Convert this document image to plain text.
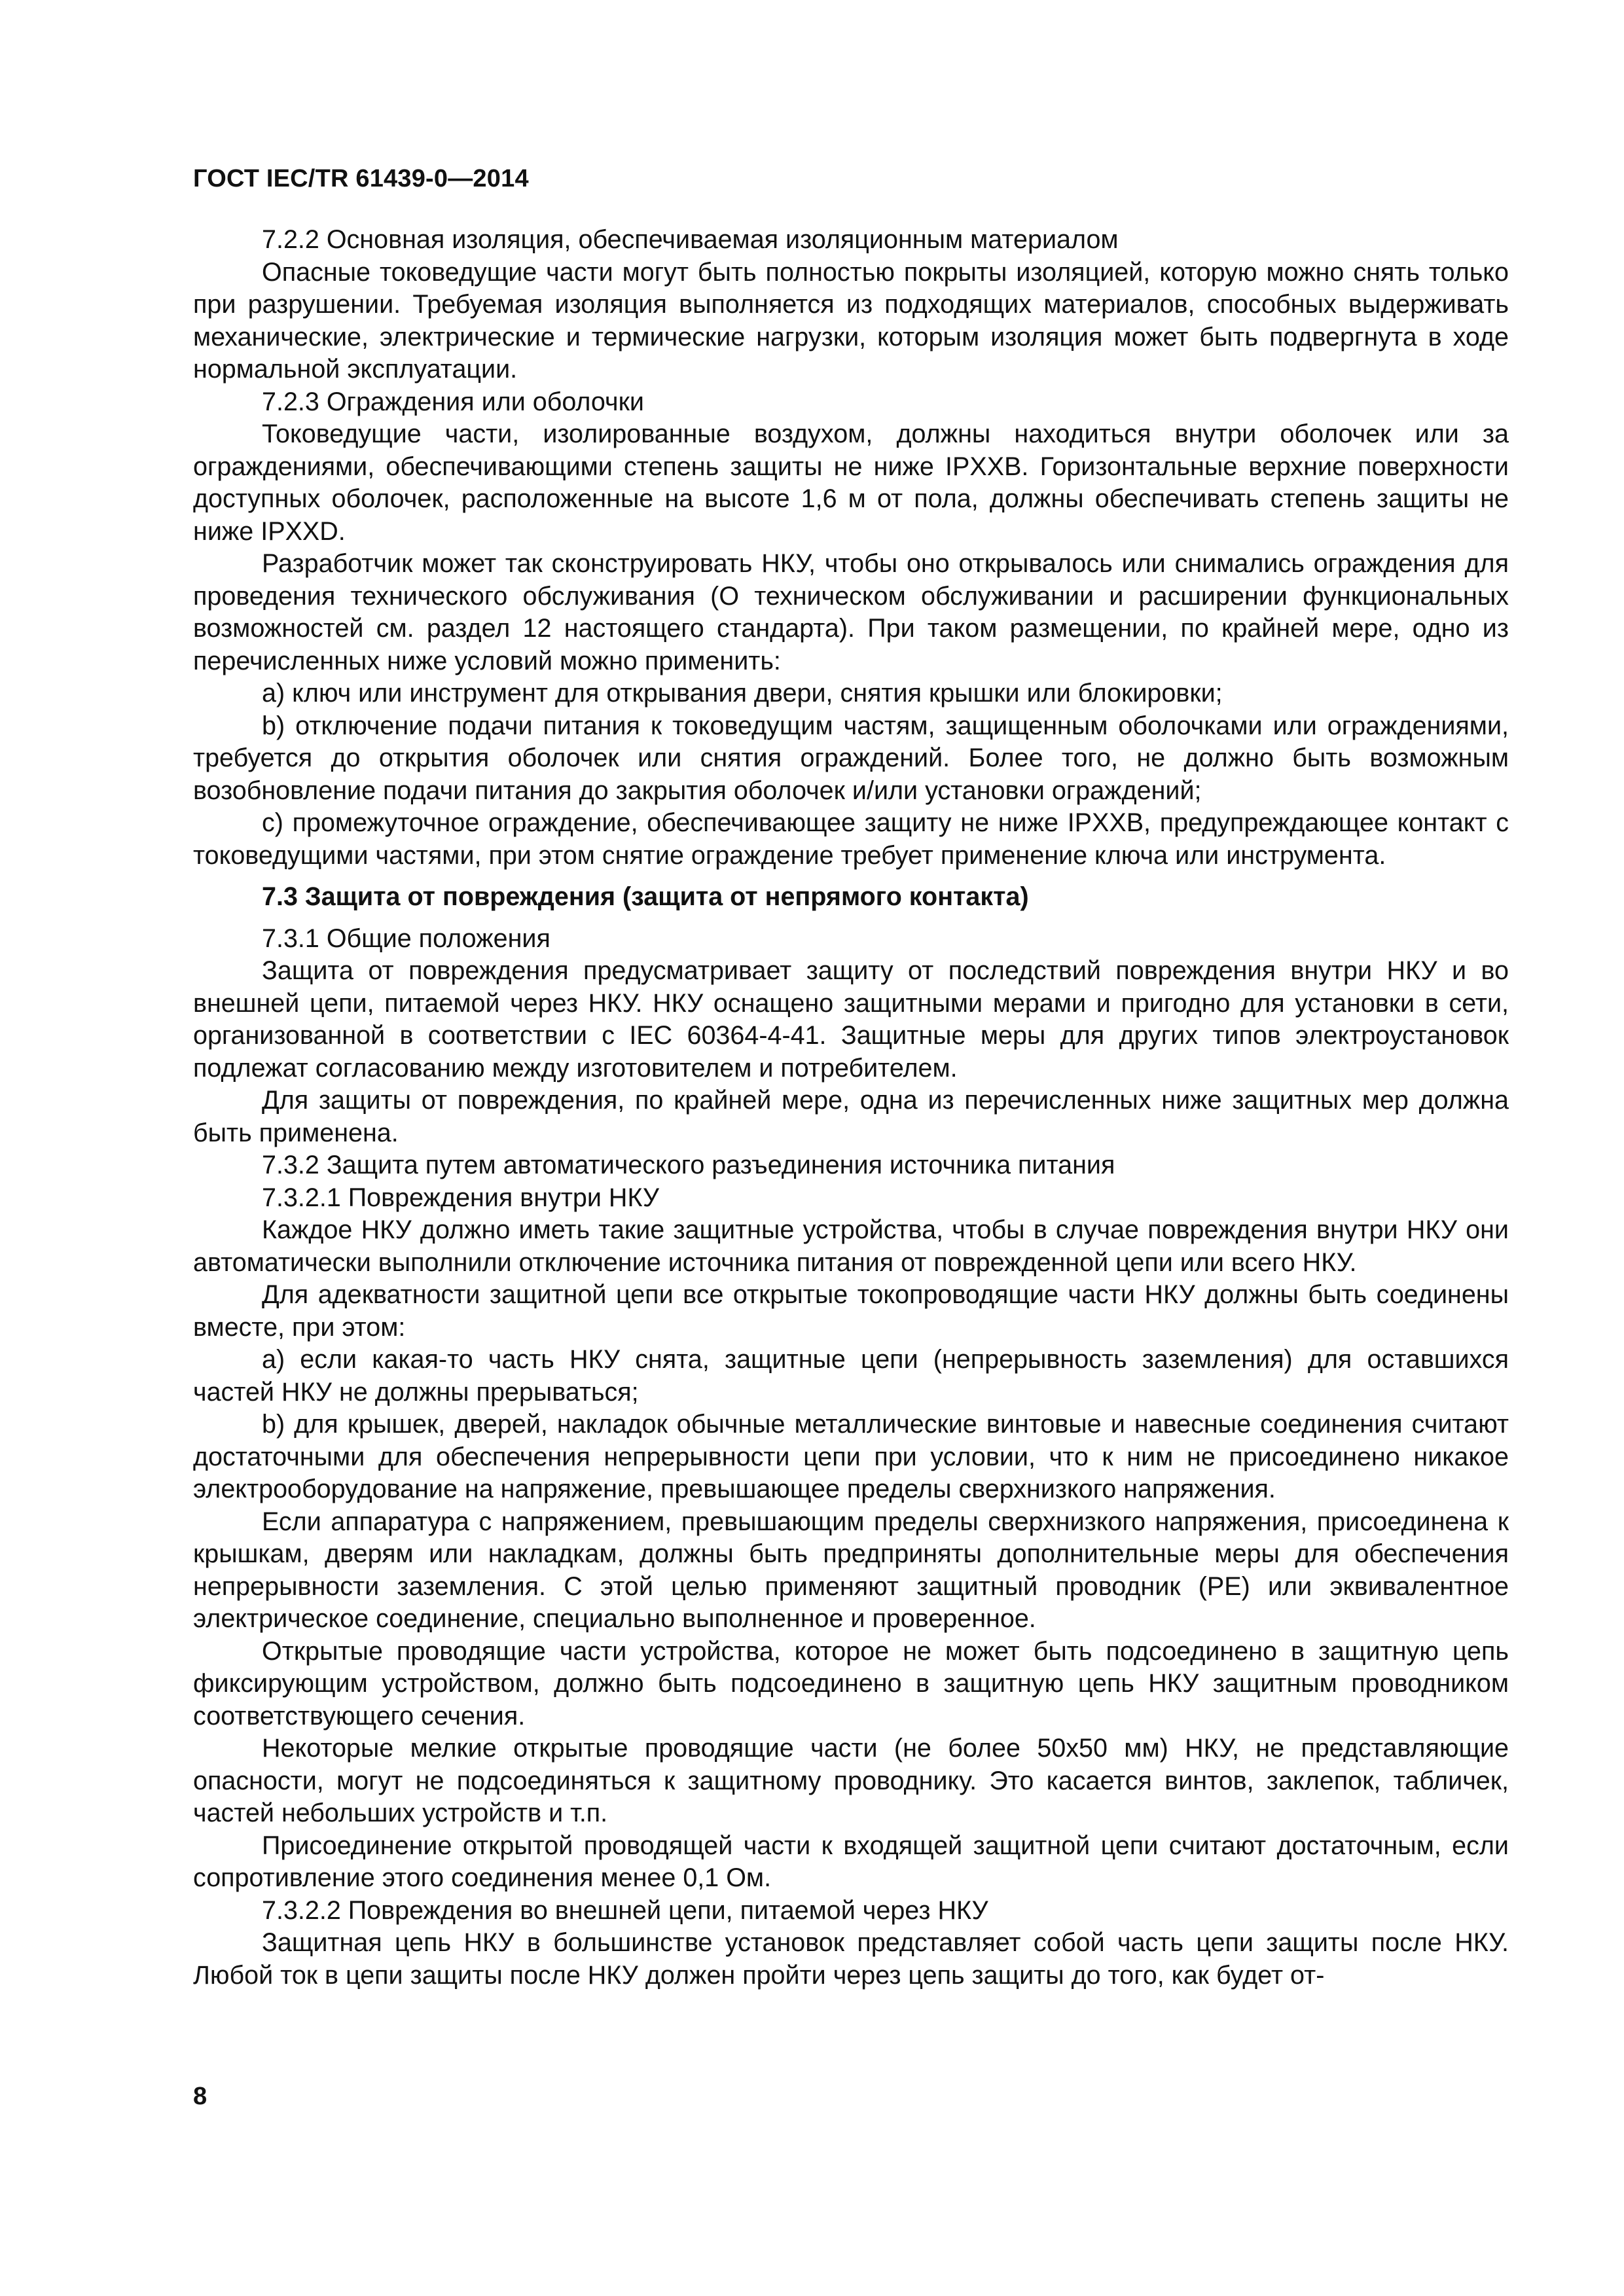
ГОСТ IEC/TR 61439-0—2014

7.2.2 Основная изоляция, обеспечиваемая изоляционным материалом

Опасные токоведущие части могут быть полностью покрыты изоляцией, которую можно снять только при разрушении. Требуемая изоляция выполняется из подходящих материалов, способных выдерживать механические, электрические и термические нагрузки, которым изоляция может быть подвергнута в ходе нормальной эксплуатации.

7.2.3 Ограждения или оболочки

Токоведущие части, изолированные воздухом, должны находиться внутри оболочек или за ограждениями, обеспечивающими степень защиты не ниже IPXXB. Горизонтальные верхние поверхности доступных оболочек, расположенные на высоте 1,6 м от пола, должны обеспечивать степень защиты не ниже IPXXD.

Разработчик может так сконструировать НКУ, чтобы оно открывалось или снимались ограждения для проведения технического обслуживания (О техническом обслуживании и расширении функциональных возможностей см. раздел 12 настоящего стандарта). При таком размещении, по крайней мере, одно из перечисленных ниже условий можно применить:

a) ключ или инструмент для открывания двери, снятия крышки или блокировки;

b) отключение подачи питания к токоведущим частям, защищенным оболочками или ограждениями, требуется до открытия оболочек или снятия ограждений. Более того, не должно быть возможным возобновление подачи питания до закрытия оболочек и/или установки ограждений;

c) промежуточное ограждение, обеспечивающее защиту не ниже IPXXB, предупреждающее контакт с токоведущими частями, при этом снятие ограждение требует применение ключа или инструмента.

7.3 Защита от повреждения (защита от непрямого контакта)

7.3.1 Общие положения

Защита от повреждения предусматривает защиту от последствий повреждения внутри НКУ и во внешней цепи, питаемой через НКУ. НКУ оснащено защитными мерами и пригодно для установки в сети, организованной в соответствии с IEC 60364-4-41. Защитные меры для других типов электроустановок подлежат согласованию между изготовителем и потребителем.

Для защиты от повреждения, по крайней мере, одна из перечисленных ниже защитных мер должна быть применена.

7.3.2 Защита путем автоматического разъединения источника питания

7.3.2.1 Повреждения внутри НКУ

Каждое НКУ должно иметь такие защитные устройства, чтобы в случае повреждения внутри НКУ они автоматически выполнили отключение источника питания от поврежденной цепи или всего НКУ.

Для адекватности защитной цепи все открытые токопроводящие части НКУ должны быть соединены вместе, при этом:

a) если какая-то часть НКУ снята, защитные цепи (непрерывность заземления) для оставшихся частей НКУ не должны прерываться;

b) для крышек, дверей, накладок обычные металлические винтовые и навесные соединения считают достаточными для обеспечения непрерывности цепи при условии, что к ним не присоединено никакое электрооборудование на напряжение, превышающее пределы сверхнизкого напряжения.

Если аппаратура с напряжением, превышающим пределы сверхнизкого напряжения, присоединена к крышкам, дверям или накладкам, должны быть предприняты дополнительные меры для обеспечения непрерывности заземления. С этой целью применяют защитный проводник (PE) или эквивалентное электрическое соединение, специально выполненное и проверенное.

Открытые проводящие части устройства, которое не может быть подсоединено в защитную цепь фиксирующим устройством, должно быть подсоединено в защитную цепь НКУ защитным проводником соответствующего сечения.

Некоторые мелкие открытые проводящие части (не более 50х50 мм) НКУ, не представляющие опасности, могут не подсоединяться к защитному проводнику. Это касается винтов, заклепок, табличек, частей небольших устройств и т.п.

Присоединение открытой проводящей части к входящей защитной цепи считают достаточным, если сопротивление этого соединения менее 0,1 Ом.

7.3.2.2 Повреждения во внешней цепи, питаемой через НКУ

Защитная цепь НКУ в большинстве установок представляет собой часть цепи защиты после НКУ. Любой ток в цепи защиты после НКУ должен пройти через цепь защиты до того, как будет от-

8
